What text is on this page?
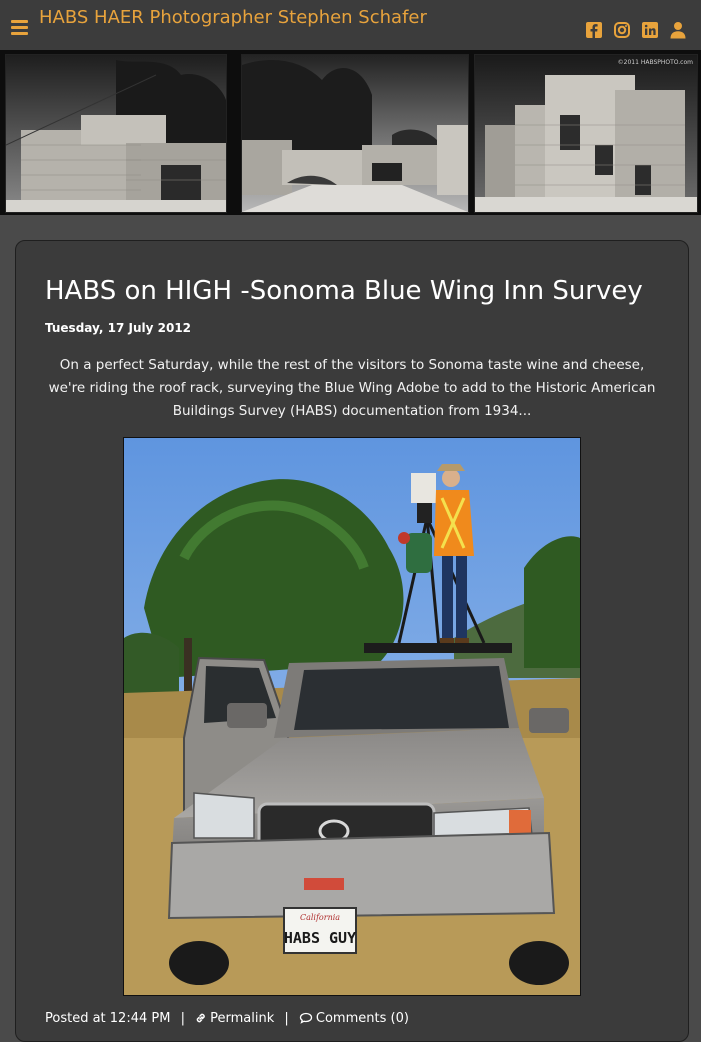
HABS HAER Photographer Stephen Schafer
©2011 HABSPHOTO.com
HABS on HIGH -Sonoma Blue Wing Inn Survey
Tuesday, 17 July 2012
On a perfect Saturday, while the rest of the visitors to Sonoma taste wine and cheese, we're riding the roof rack, surveying the Blue Wing Adobe to add to the Historic American Buildings Survey (HABS) documentation from 1934...
California
HABS GUY
Posted at 12:44 PM | Permalink | Comments (0)
